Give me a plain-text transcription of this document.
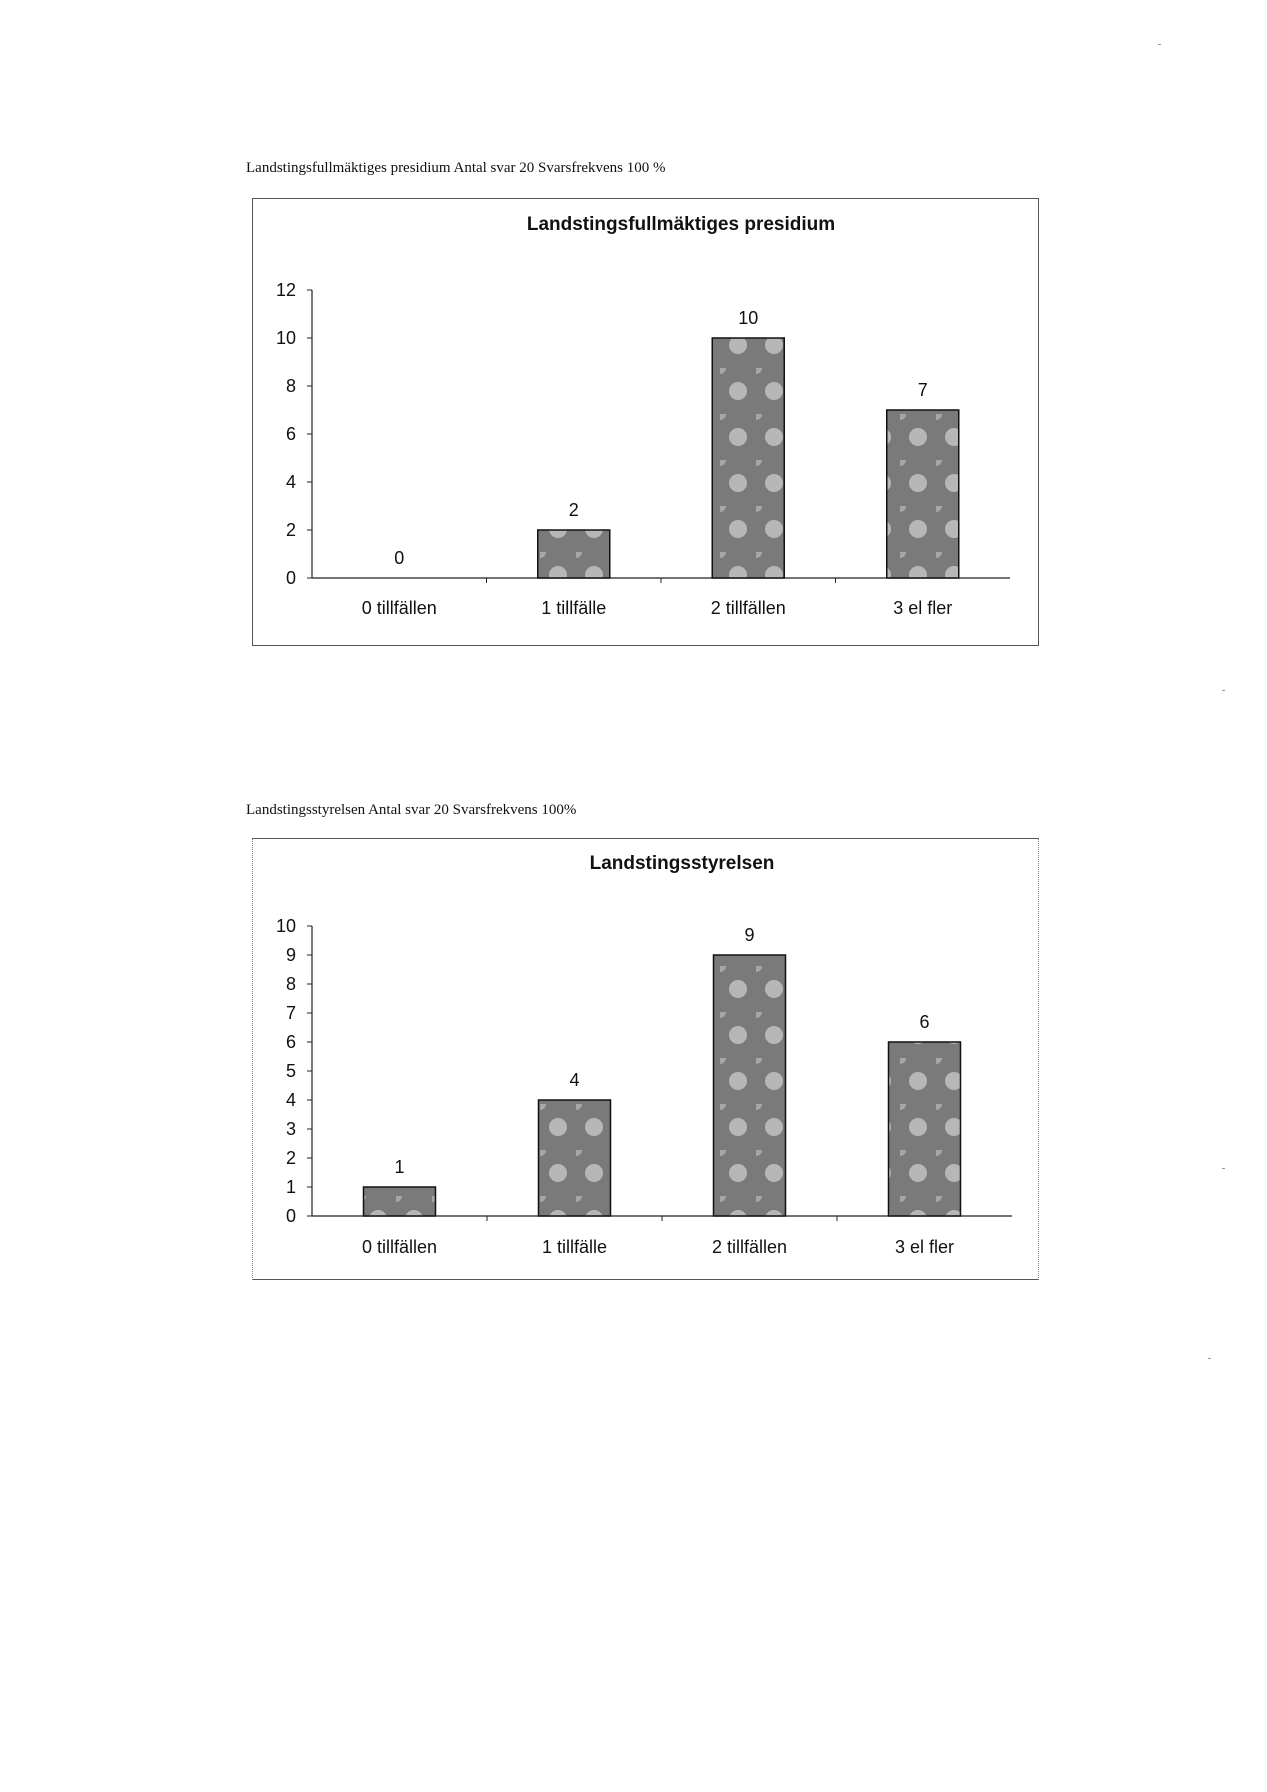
Landstingsfullmäktiges presidium Antal svar 20 Svarsfrekvens 100 %
Landstingsfullmäktiges presidium
0
2
4
6
8
10
12
0
0 tillfällen
2
1 tillfälle
10
2 tillfällen
7
3 el fler
Landstingsstyrelsen Antal svar 20 Svarsfrekvens 100%
Landstingsstyrelsen
0
1
2
3
4
5
6
7
8
9
10
1
0 tillfällen
4
1 tillfälle
9
2 tillfällen
6
3 el fler
